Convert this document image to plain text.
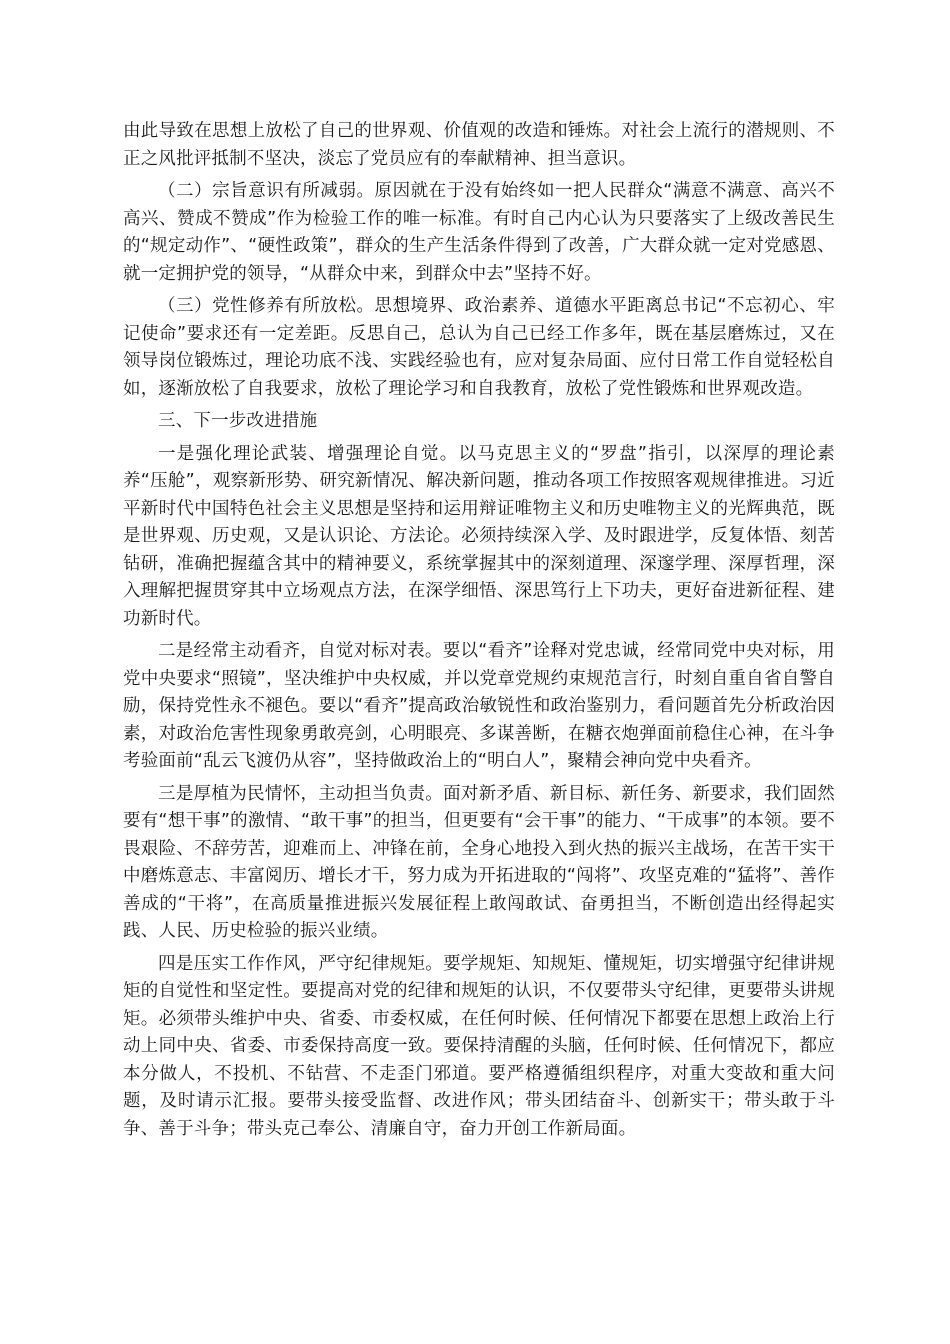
由此导致在思想上放松了自己的世界观、价值观的改造和锤炼。对社会上流行的潜规则、不正之风批评抵制不坚决，淡忘了党员应有的奉献精神、担当意识。

（二）宗旨意识有所减弱。原因就在于没有始终如一把人民群众“满意不满意、高兴不高兴、赞成不赞成”作为检验工作的唯一标准。有时自己内心认为只要落实了上级改善民生的“规定动作”、“硬性政策”，群众的生产生活条件得到了改善，广大群众就一定对党感恩、就一定拥护党的领导，“从群众中来，到群众中去”坚持不好。

（三）党性修养有所放松。思想境界、政治素养、道德水平距离总书记“不忘初心、牢记使命”要求还有一定差距。反思自己，总认为自己已经工作多年，既在基层磨炼过，又在领导岗位锻炼过，理论功底不浅、实践经验也有，应对复杂局面、应付日常工作自觉轻松自如，逐渐放松了自我要求，放松了理论学习和自我教育，放松了党性锻炼和世界观改造。

三、下一步改进措施

一是强化理论武装、增强理论自觉。以马克思主义的“罗盘”指引，以深厚的理论素养“压舱”，观察新形势、研究新情况、解决新问题，推动各项工作按照客观规律推进。习近平新时代中国特色社会主义思想是坚持和运用辩证唯物主义和历史唯物主义的光辉典范，既是世界观、历史观，又是认识论、方法论。必须持续深入学、及时跟进学，反复体悟、刻苦钻研，准确把握蕴含其中的精神要义，系统掌握其中的深刻道理、深邃学理、深厚哲理，深入理解把握贯穿其中立场观点方法，在深学细悟、深思笃行上下功夫，更好奋进新征程、建功新时代。

二是经常主动看齐，自觉对标对表。要以“看齐”诠释对党忠诚，经常同党中央对标，用党中央要求“照镜”，坚决维护中央权威，并以党章党规约束规范言行，时刻自重自省自警自励，保持党性永不褪色。要以“看齐”提高政治敏锐性和政治鉴别力，看问题首先分析政治因素，对政治危害性现象勇敢亮剑，心明眼亮、多谋善断，在糖衣炮弹面前稳住心神，在斗争考验面前“乱云飞渡仍从容”，坚持做政治上的“明白人”，聚精会神向党中央看齐。

三是厚植为民情怀，主动担当负责。面对新矛盾、新目标、新任务、新要求，我们固然要有“想干事”的激情、“敢干事”的担当，但更要有“会干事”的能力、“干成事”的本领。要不畏艰险、不辞劳苦，迎难而上、冲锋在前，全身心地投入到火热的振兴主战场，在苦干实干中磨炼意志、丰富阅历、增长才干，努力成为开拓进取的“闯将”、攻坚克难的“猛将”、善作善成的“干将”，在高质量推进振兴发展征程上敢闯敢试、奋勇担当，不断创造出经得起实践、人民、历史检验的振兴业绩。

四是压实工作作风，严守纪律规矩。要学规矩、知规矩、懂规矩，切实增强守纪律讲规矩的自觉性和坚定性。要提高对党的纪律和规矩的认识，不仅要带头守纪律，更要带头讲规矩。必须带头维护中央、省委、市委权威，在任何时候、任何情况下都要在思想上政治上行动上同中央、省委、市委保持高度一致。要保持清醒的头脑，任何时候、任何情况下，都应本分做人，不投机、不钻营、不走歪门邪道。要严格遵循组织程序，对重大变故和重大问题，及时请示汇报。要带头接受监督、改进作风；带头团结奋斗、创新实干；带头敢于斗争、善于斗争；带头克己奉公、清廉自守，奋力开创工作新局面。
